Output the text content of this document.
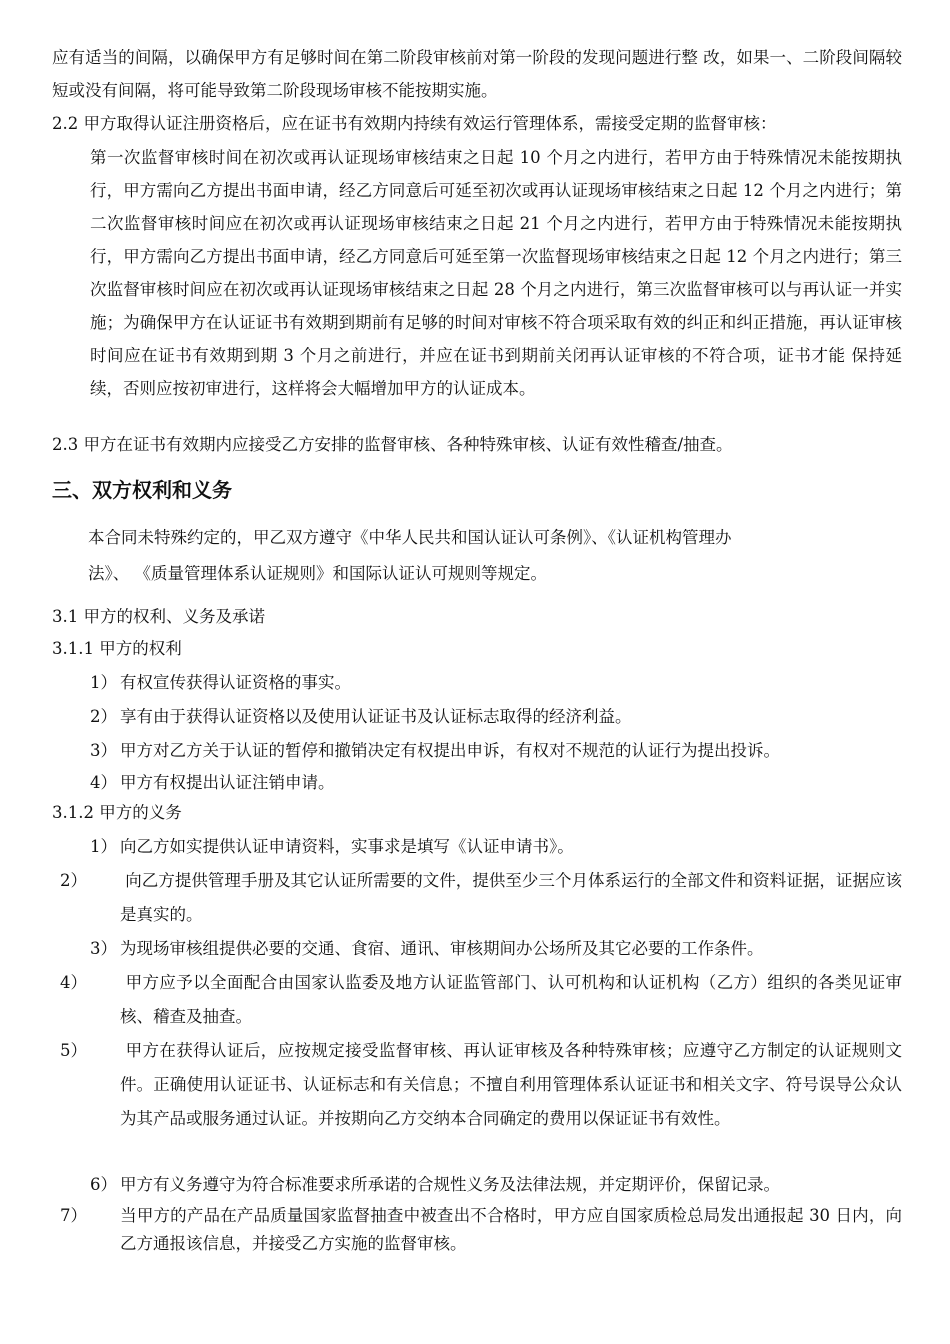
应有适当的间隔，以确保甲方有足够时间在第二阶段审核前对第一阶段的发现问题进行整 改，如果一、二阶段间隔较短或没有间隔，将可能导致第二阶段现场审核不能按期实施。

2.2 甲方取得认证注册资格后，应在证书有效期内持续有效运行管理体系，需接受定期的监督审核：

第一次监督审核时间在初次或再认证现场审核结束之日起 10 个月之内进行，若甲方由于特殊情况未能按期执行，甲方需向乙方提出书面申请，经乙方同意后可延至初次或再认证现场审核结束之日起 12 个月之内进行；第二次监督审核时间应在初次或再认证现场审核结束之日起 21 个月之内进行，若甲方由于特殊情况未能按期执行，甲方需向乙方提出书面申请，经乙方同意后可延至第一次监督现场审核结束之日起 12 个月之内进行；第三次监督审核时间应在初次或再认证现场审核结束之日起 28 个月之内进行，第三次监督审核可以与再认证一并实施；为确保甲方在认证证书有效期到期前有足够的时间对审核不符合项采取有效的纠正和纠正措施，再认证审核时间应在证书有效期到期 3 个月之前进行，并应在证书到期前关闭再认证审核的不符合项，证书才能 保持延续，否则应按初审进行，这样将会大幅增加甲方的认证成本。

2.3 甲方在证书有效期内应接受乙方安排的监督审核、各种特殊审核、认证有效性稽查/抽查。

三、双方权利和义务
本合同未特殊约定的，甲乙双方遵守《中华人民共和国认证认可条例》、《认证机构管理办
法》、 《质量管理体系认证规则》和国际认证认可规则等规定。

3.1 甲方的权利、义务及承诺

3.1.1 甲方的权利

1） 有权宣传获得认证资格的事实。

2） 享有由于获得认证资格以及使用认证证书及认证标志取得的经济利益。

3） 甲方对乙方关于认证的暂停和撤销决定有权提出申诉，有权对不规范的认证行为提出投诉。

4） 甲方有权提出认证注销申请。

3.1.2 甲方的义务

1） 向乙方如实提供认证申请资料，实事求是填写《认证申请书》。

2） 向乙方提供管理手册及其它认证所需要的文件，提供至少三个月体系运行的全部文件和资料证据，证据应该是真实的。

3） 为现场审核组提供必要的交通、食宿、通讯、审核期间办公场所及其它必要的工作条件。

4） 甲方应予以全面配合由国家认监委及地方认证监管部门、认可机构和认证机构（乙方）组织的各类见证审核、稽查及抽查。

5） 甲方在获得认证后，应按规定接受监督审核、再认证审核及各种特殊审核；应遵守乙方制定的认证规则文件。正确使用认证证书、认证标志和有关信息；不擅自利用管理体系认证证书和相关文字、符号误导公众认为其产品或服务通过认证。并按期向乙方交纳本合同确定的费用以保证证书有效性。

6） 甲方有义务遵守为符合标准要求所承诺的合规性义务及法律法规，并定期评价，保留记录。

7） 当甲方的产品在产品质量国家监督抽查中被查出不合格时，甲方应自国家质检总局发出通报起 30 日内，向乙方通报该信息，并接受乙方实施的监督审核。
